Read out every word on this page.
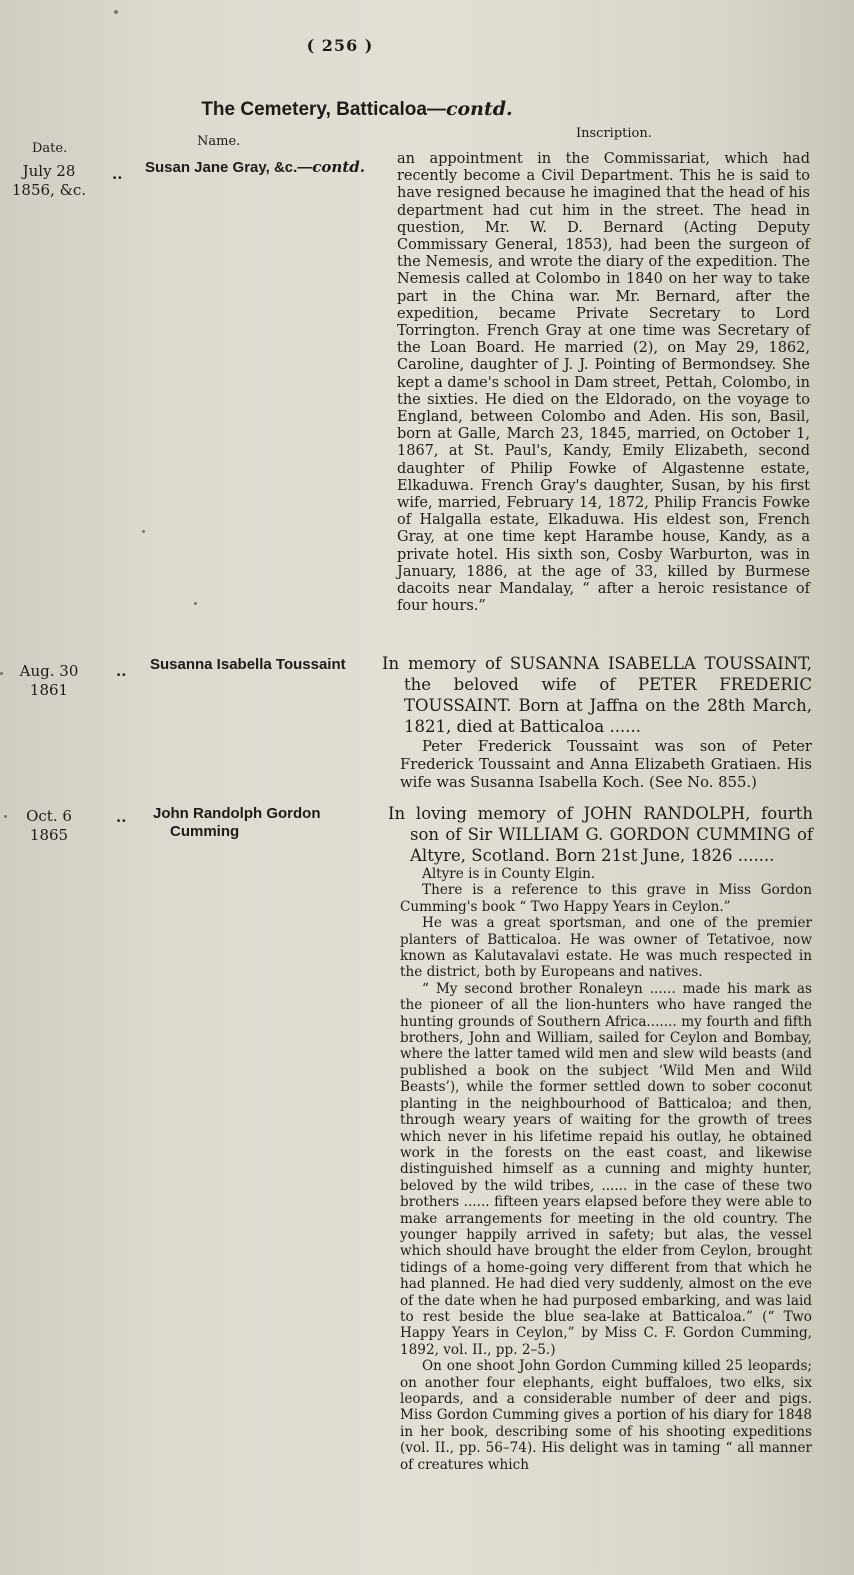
( 256 )
The Cemetery, Batticaloa—contd.
Date.	Name.
Inscription.
July 28
1856, &c.
.. Susan Jane Gray, &c.—contd. an appointment in the Commissariat, which had recently become a Civil Department. This he is said to have resigned because he imagined that the head of his department had cut him in the street. The head in question, Mr. W. D. Bernard (Acting Deputy Commissary General, 1853), had been the surgeon of the Nemesis, and wrote the diary of the expedition. The Nemesis called at Colombo in 1840 on her way to take part in the China war. Mr. Bernard, after the expedition, became Private Secretary to Lord Torrington. French Gray at one time was Secretary of the Loan Board. He married (2), on May 29, 1862, Caroline, daughter of J. J. Pointing of Bermondsey. She kept a dame's school in Dam street, Pettah, Colombo, in the sixties. He died on the Eldorado, on the voyage to England, between Colombo and Aden. His son, Basil, born at Galle, March 23, 1845, married, on October 1, 1867, at St. Paul's, Kandy, Emily Elizabeth, second daughter of Philip Fowke of Algastenne estate, Elkaduwa. French Gray's daughter, Susan, by his first wife, married, February 14, 1872, Philip Francis Fowke of Halgalla estate, Elkaduwa. His eldest son, French Gray, at one time kept Harambe house, Kandy, as a private hotel. His sixth son, Cosby Warburton, was in January, 1886, at the age of 33, killed by Burmese dacoits near Mandalay, “ after a heroic resistance of four hours.”

Aug. 30
1861
.. Susanna Isabella Toussaint In memory of SUSANNA ISABELLA TOUSSAINT, the beloved wife of PETER FREDERIC TOUSSAINT. Born at Jaffna on the 28th March, 1821, died at Batticaloa ......

Peter Frederick Toussaint was son of Peter Frederick Toussaint and Anna Elizabeth Gratiaen. His wife was Susanna Isabella Koch. (See No. 855.)

Oct. 6
1865
.. John Randolph Gordon
Cumming

In loving memory of JOHN RANDOLPH, fourth son of Sir WILLIAM G. GORDON CUMMING of Altyre, Scotland. Born 21st June, 1826 .......

Altyre is in County Elgin.

There is a reference to this grave in Miss Gordon Cumming's book “ Two Happy Years in Ceylon.”

He was a great sportsman, and one of the premier planters of Batticaloa. He was owner of Tetativoe, now known as Kalutavalavi estate. He was much respected in the district, both by Europeans and natives.

“ My second brother Ronaleyn ...... made his mark as the pioneer of all the lion-hunters who have ranged the hunting grounds of Southern Africa....... my fourth and fifth brothers, John and William, sailed for Ceylon and Bombay, where the latter tamed wild men and slew wild beasts (and published a book on the subject ‘Wild Men and Wild Beasts’), while the former settled down to sober coconut planting in the neighbourhood of Batticaloa; and then, through weary years of waiting for the growth of trees which never in his lifetime repaid his outlay, he obtained work in the forests on the east coast, and likewise distinguished himself as a cunning and mighty hunter, beloved by the wild tribes, ...... in the case of these two brothers ...... fifteen years elapsed before they were able to make arrangements for meeting in the old country. The younger happily arrived in safety; but alas, the vessel which should have brought the elder from Ceylon, brought tidings of a home-going very different from that which he had planned. He had died very suddenly, almost on the eve of the date when he had purposed embarking, and was laid to rest beside the blue sea-lake at Batticaloa.” (“ Two Happy Years in Ceylon,” by Miss C. F. Gordon Cumming, 1892, vol. II., pp. 2–5.)

On one shoot John Gordon Cumming killed 25 leopards; on another four elephants, eight buffaloes, two elks, six leopards, and a considerable number of deer and pigs. Miss Gordon Cumming gives a portion of his diary for 1848 in her book, describing some of his shooting expeditions (vol. II., pp. 56–74). His delight was in taming “ all manner of creatures which
